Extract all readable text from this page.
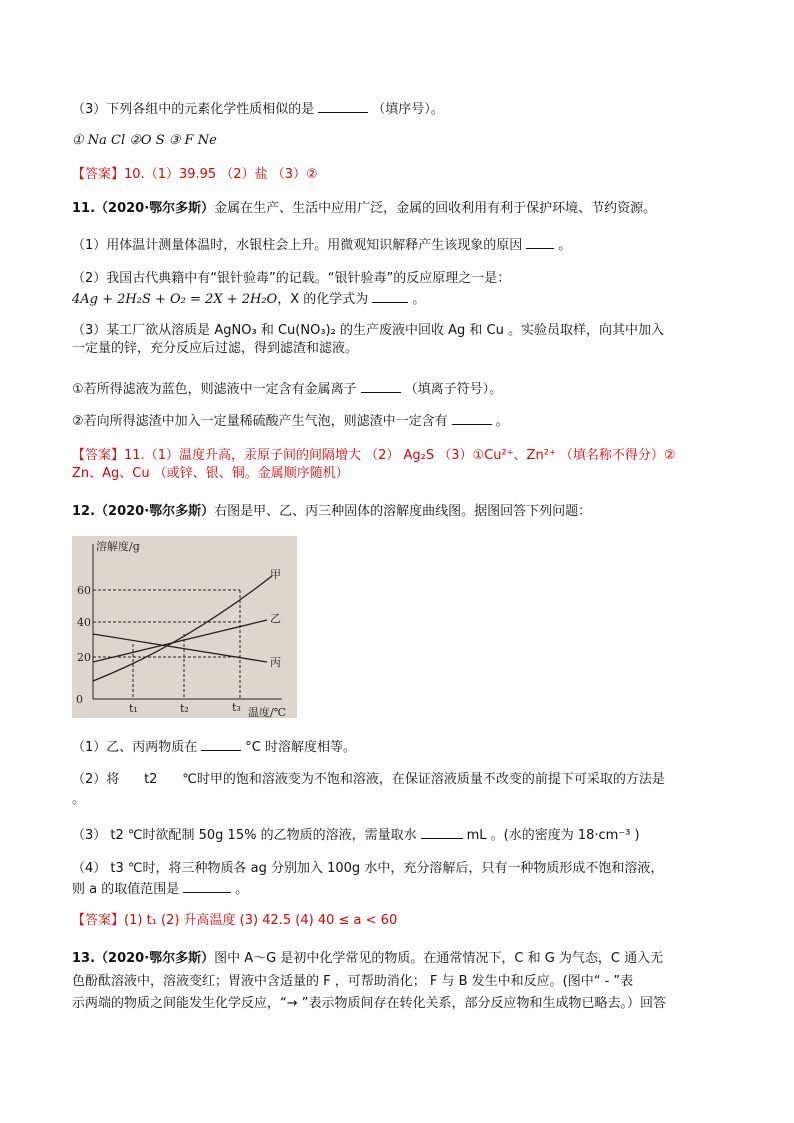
（3）下列各组中的元素化学性质相似的是	（填序号）。
① Na Cl ②O S ③ F Ne
【答案】10.（1）39.95 （2）盐 （3）②
11.（2020·鄂尔多斯）金属在生产、生活中应用广泛，金属的回收利用有利于保护环境、节约资源。
（1）用体温计测量体温时，水银柱会上升。用微观知识解释产生该现象的原因	。
（2）我国古代典籍中有“银针验毒”的记载。“银针验毒”的反应原理之一是：
4Ag + 2H₂S + O₂ = 2X + 2H₂O，X 的化学式为	。
（3）某工厂欲从溶质是 AgNO₃ 和 Cu(NO₃)₂ 的生产废液中回收 Ag 和 Cu 。实验员取样，向其中加入
一定量的锌，充分反应后过滤，得到滤渣和滤液。
①若所得滤液为蓝色，则滤液中一定含有金属离子	（填离子符号）。
②若向所得滤渣中加入一定量稀硫酸产生气泡，则滤渣中一定含有	。
【答案】11.（1）温度升高，汞原子间的间隔增大 （2） Ag₂S （3）①Cu²⁺、Zn²⁺ （填名称不得分）②
Zn、Ag、Cu （或锌、银、铜。金属顺序随机）
12.（2020·鄂尔多斯）右图是甲、乙、丙三种固体的溶解度曲线图。据图回答下列问题：
溶解度/g
温度/℃
0
20
40
60
t₁	t₂	t₃
甲
乙
丙
（1）乙、丙两物质在	°C 时溶解度相等。
（2）将      t2      ℃时甲的饱和溶液变为不饱和溶液，在保证溶液质量不改变的前提下可采取的方法是
。
（3） t2 ℃时欲配制 50g 15% 的乙物质的溶液，需量取水	mL 。(水的密度为 18·cm⁻³ )
（4） t3 ℃时，将三种物质各 ag 分别加入 100g 水中，充分溶解后，只有一种物质形成不饱和溶液，
则 a 的取值范围是	。
【答案】(1) t₁ (2) 升高温度 (3) 42.5 (4) 40 ≤ a < 60
13.（2020·鄂尔多斯）图中 A～G 是初中化学常见的物质。在通常情况下，C 和 G 为气态，C 通入无
色酚酞溶液中，溶液变红；胃液中含适量的 F ，可帮助消化； F 与 B 发生中和反应。(图中“ - ”表
示两端的物质之间能发生化学反应，“→ ”表示物质间存在转化关系，部分反应物和生成物已略去。）回答
